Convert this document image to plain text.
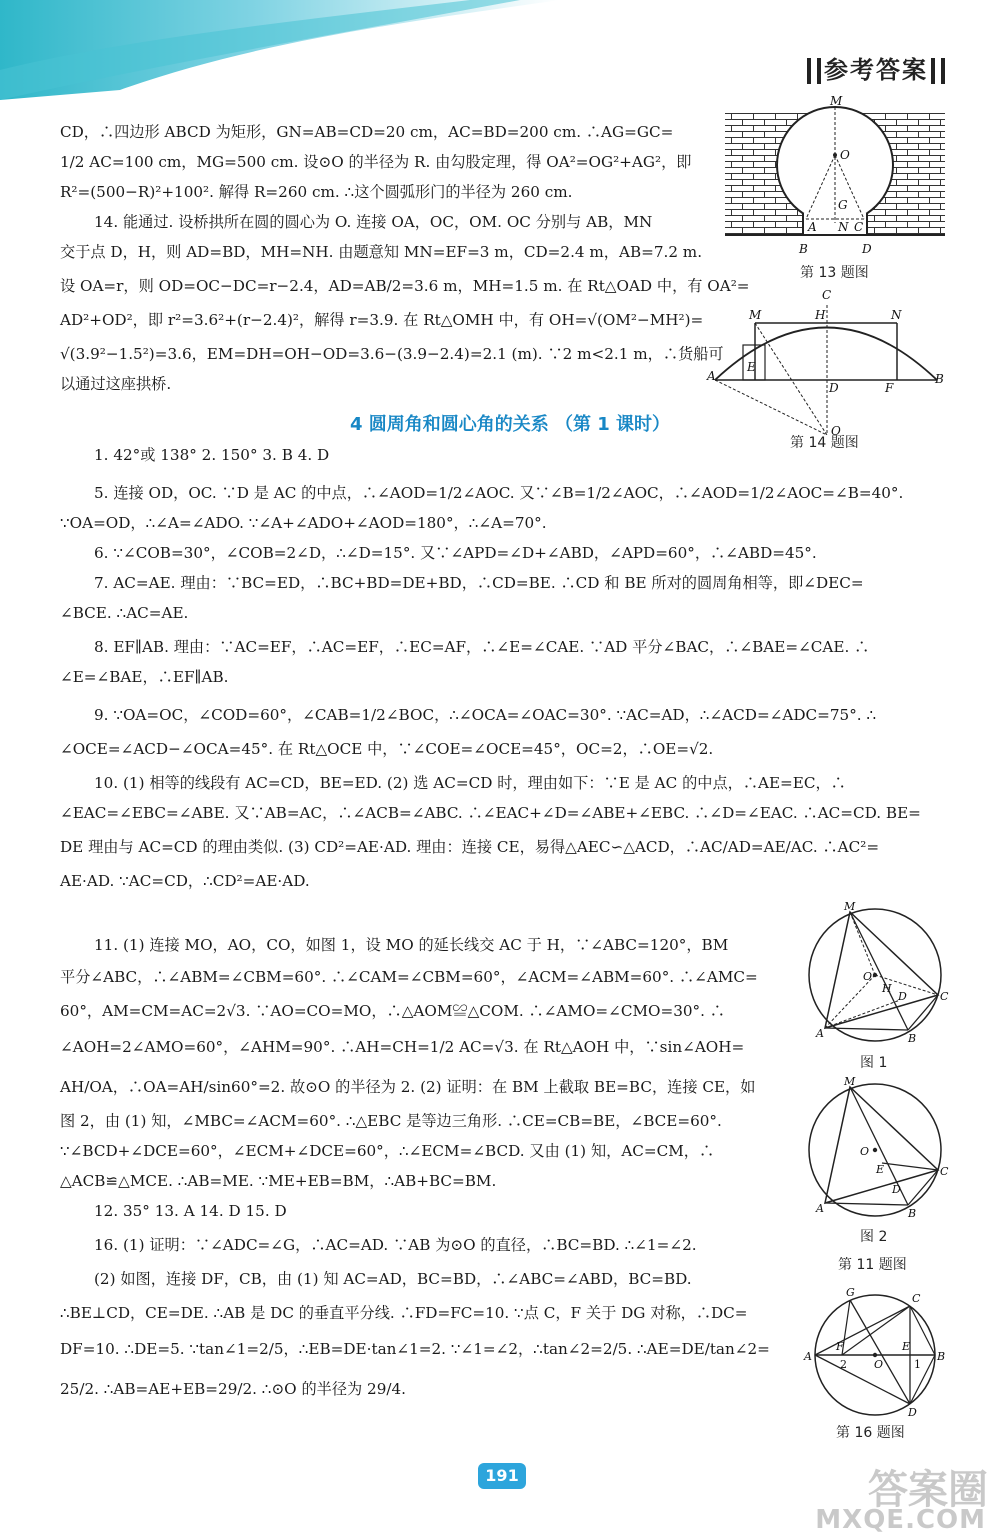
参考答案

CD，∴四边形 ABCD 为矩形，GN=AB=CD=20 cm，AC=BD=200 cm. ∴AG=GC=

1/2 AC=100 cm，MG=500 cm. 设⊙O 的半径为 R. 由勾股定理，得 OA²=OG²+AG²，即

R²=(500−R)²+100². 解得 R=260 cm. ∴这个圆弧形门的半径为 260 cm.

14. 能通过. 设桥拱所在圆的圆心为 O. 连接 OA，OC，OM. OC 分别与 AB，MN

交于点 D，H，则 AD=BD，MH=NH. 由题意知 MN=EF=3 m，CD=2.4 m，AB=7.2 m.

设 OA=r，则 OD=OC−DC=r−2.4，AD=AB/2=3.6 m，MH=1.5 m. 在 Rt△OAD 中，有 OA²=

AD²+OD²，即 r²=3.6²+(r−2.4)²，解得 r=3.9. 在 Rt△OMH 中，有 OH=√(OM²−MH²)=

√(3.9²−1.5²)=3.6，EM=DH=OH−OD=3.6−(3.9−2.4)=2.1 (m). ∵2 m<2.1 m，∴货船可

以通过这座拱桥.

4 圆周角和圆心角的关系 （第 1 课时）

1. 42°或 138° 2. 150° 3. B 4. D

5. 连接 OD，OC. ∵D 是 AC 的中点，∴∠AOD=1/2∠AOC. 又∵∠B=1/2∠AOC，∴∠AOD=1/2∠AOC=∠B=40°.

∵OA=OD，∴∠A=∠ADO. ∵∠A+∠ADO+∠AOD=180°，∴∠A=70°.

6. ∵∠COB=30°，∠COB=2∠D，∴∠D=15°. 又∵∠APD=∠D+∠ABD，∠APD=60°，∴∠ABD=45°.

7. AC=AE. 理由：∵BC=ED，∴BC+BD=DE+BD，∴CD=BE. ∴CD 和 BE 所对的圆周角相等，即∠DEC=

∠BCE. ∴AC=AE.

8. EF∥AB. 理由：∵AC=EF，∴AC=EF，∴EC=AF，∴∠E=∠CAE. ∵AD 平分∠BAC，∴∠BAE=∠CAE. ∴

∠E=∠BAE，∴EF∥AB.

9. ∵OA=OC，∠COD=60°，∠CAB=1/2∠BOC，∴∠OCA=∠OAC=30°. ∵AC=AD，∴∠ACD=∠ADC=75°. ∴

∠OCE=∠ACD−∠OCA=45°. 在 Rt△OCE 中，∵∠COE=∠OCE=45°，OC=2，∴OE=√2.

10. (1) 相等的线段有 AC=CD，BE=ED. (2) 选 AC=CD 时，理由如下：∵E 是 AC 的中点，∴AE=EC，∴

∠EAC=∠EBC=∠ABE. 又∵AB=AC，∴∠ACB=∠ABC. ∴∠EAC+∠D=∠ABE+∠EBC. ∴∠D=∠EAC. ∴AC=CD. BE=

DE 理由与 AC=CD 的理由类似. (3) CD²=AE·AD. 理由：连接 CE，易得△AEC∽△ACD，∴AC/AD=AE/AC. ∴AC²=

AE·AD. ∵AC=CD，∴CD²=AE·AD.

11. (1) 连接 MO，AO，CO，如图 1，设 MO 的延长线交 AC 于 H，∵∠ABC=120°，BM

平分∠ABC，∴∠ABM=∠CBM=60°. ∴∠CAM=∠CBM=60°，∠ACM=∠ABM=60°. ∴∠AMC=

60°，AM=CM=AC=2√3. ∵AO=CO=MO，∴△AOM≌△COM. ∴∠AMO=∠CMO=30°. ∴

∠AOH=2∠AMO=60°，∠AHM=90°. ∴AH=CH=1/2 AC=√3. 在 Rt△AOH 中，∵sin∠AOH=

AH/OA，∴OA=AH/sin60°=2. 故⊙O 的半径为 2. (2) 证明：在 BM 上截取 BE=BC，连接 CE，如

图 2，由 (1) 知，∠MBC=∠ACM=60°. ∴△EBC 是等边三角形. ∴CE=CB=BE，∠BCE=60°.

∵∠BCD+∠DCE=60°，∠ECM+∠DCE=60°，∴∠ECM=∠BCD. 又由 (1) 知，AC=CM，∴

△ACB≌△MCE. ∴AB=ME. ∵ME+EB=BM，∴AB+BC=BM.

12. 35° 13. A 14. D 15. D

16. (1) 证明：∵∠ADC=∠G，∴AC=AD. ∵AB 为⊙O 的直径，∴BC=BD. ∴∠1=∠2.

(2) 如图，连接 DF，CB，由 (1) 知 AC=AD，BC=BD，∴∠ABC=∠ABD，BC=BD.

∴BE⊥CD，CE=DE. ∴AB 是 DC 的垂直平分线. ∴FD=FC=10. ∵点 C，F 关于 DG 对称，∴DC=

DF=10. ∴DE=5. ∵tan∠1=2/5，∴EB=DE·tan∠1=2. ∵∠1=∠2，∴tan∠2=2/5. ∴AE=DE/tan∠2=

25/2. ∴AB=AE+EB=29/2. ∴⊙O 的半径为 29/4.

M
O
G
A N C
B	D
第 13 题图
C
M	H	N
A
E
D	F
B
O
第 14 题图
M
O
H
D	C
A	B
图 1
M
O
E
D
C
A	B
图 2
第 11 题图
G	C
A
F
O
E
B
D
2	1
第 16 题图
191	答案圈
MXQE.COM
